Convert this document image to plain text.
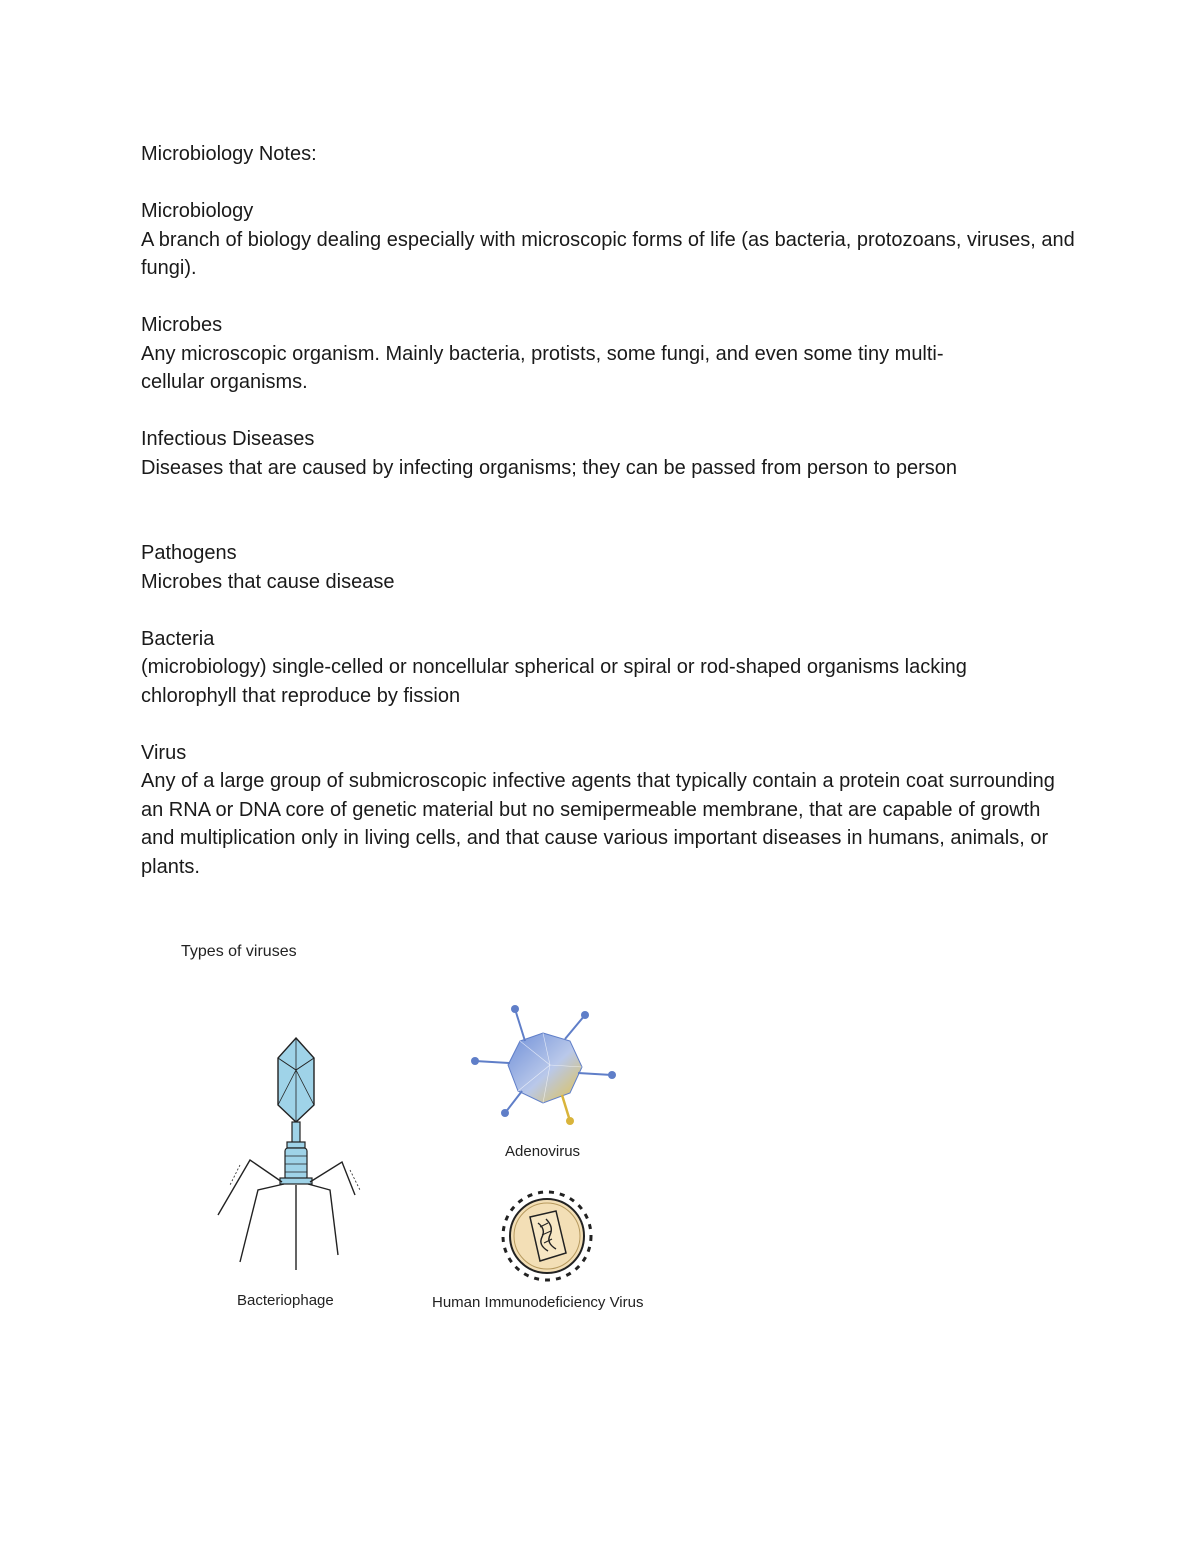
Microbiology Notes:

Microbiology

A branch of biology dealing especially with microscopic forms of life (as bacteria, protozoans, viruses, and fungi).

Microbes

Any microscopic organism. Mainly bacteria, protists, some fungi, and even some tiny multi-cellular organisms.

Infectious Diseases

Diseases that are caused by infecting organisms; they can be passed from person to person

Pathogens

Microbes that cause disease

Bacteria

(microbiology) single-celled or noncellular spherical or spiral or rod-shaped organisms lacking chlorophyll that reproduce by fission

Virus

Any of a large group of submicroscopic infective agents that typically contain a protein coat surrounding an RNA or DNA core of genetic material but no semipermeable membrane, that are capable of growth and multiplication only in living cells, and that cause various important diseases in humans, animals, or plants.

Types of viruses
Bacteriophage
Adenovirus
Human Immunodeficiency Virus
